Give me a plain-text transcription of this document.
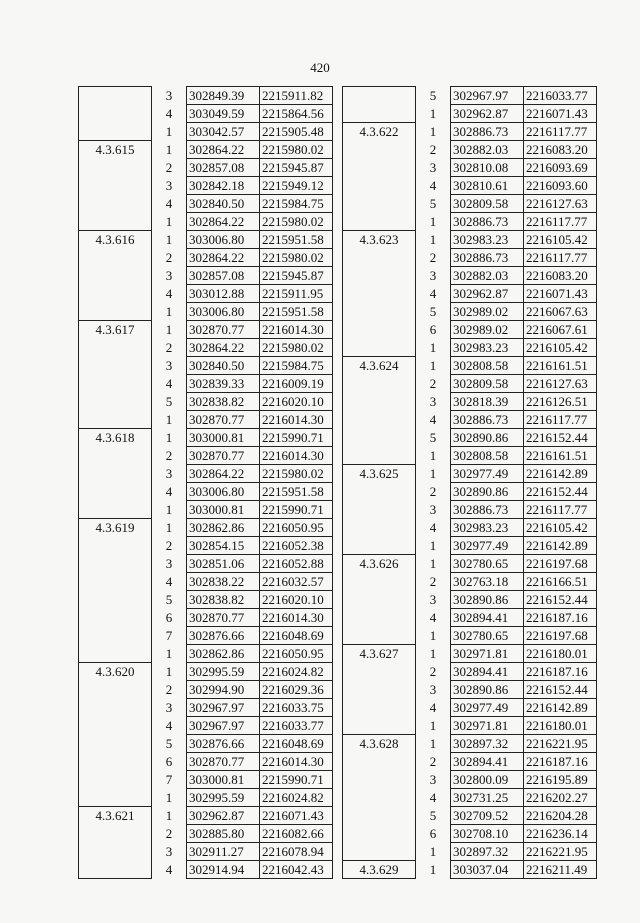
420
	3	302849.39	2215911.82
	4	303049.59	2215864.56
	1	303042.57	2215905.48
4.3.615	1	302864.22	2215980.02
	2	302857.08	2215945.87
	3	302842.18	2215949.12
	4	302840.50	2215984.75
	1	302864.22	2215980.02
4.3.616	1	303006.80	2215951.58
	2	302864.22	2215980.02
	3	302857.08	2215945.87
	4	303012.88	2215911.95
	1	303006.80	2215951.58
4.3.617	1	302870.77	2216014.30
	2	302864.22	2215980.02
	3	302840.50	2215984.75
	4	302839.33	2216009.19
	5	302838.82	2216020.10
	1	302870.77	2216014.30
4.3.618	1	303000.81	2215990.71
	2	302870.77	2216014.30
	3	302864.22	2215980.02
	4	303006.80	2215951.58
	1	303000.81	2215990.71
4.3.619	1	302862.86	2216050.95
	2	302854.15	2216052.38
	3	302851.06	2216052.88
	4	302838.22	2216032.57
	5	302838.82	2216020.10
	6	302870.77	2216014.30
	7	302876.66	2216048.69
	1	302862.86	2216050.95
4.3.620	1	302995.59	2216024.82
	2	302994.90	2216029.36
	3	302967.97	2216033.75
	4	302967.97	2216033.77
	5	302876.66	2216048.69
	6	302870.77	2216014.30
	7	303000.81	2215990.71
	1	302995.59	2216024.82
4.3.621	1	302962.87	2216071.43
	2	302885.80	2216082.66
	3	302911.27	2216078.94
	4	302914.94	2216042.43
	5	302967.97	2216033.77
	1	302962.87	2216071.43
4.3.622	1	302886.73	2216117.77
	2	302882.03	2216083.20
	3	302810.08	2216093.69
	4	302810.61	2216093.60
	5	302809.58	2216127.63
	1	302886.73	2216117.77
4.3.623	1	302983.23	2216105.42
	2	302886.73	2216117.77
	3	302882.03	2216083.20
	4	302962.87	2216071.43
	5	302989.02	2216067.63
	6	302989.02	2216067.61
	1	302983.23	2216105.42
4.3.624	1	302808.58	2216161.51
	2	302809.58	2216127.63
	3	302818.39	2216126.51
	4	302886.73	2216117.77
	5	302890.86	2216152.44
	1	302808.58	2216161.51
4.3.625	1	302977.49	2216142.89
	2	302890.86	2216152.44
	3	302886.73	2216117.77
	4	302983.23	2216105.42
	1	302977.49	2216142.89
4.3.626	1	302780.65	2216197.68
	2	302763.18	2216166.51
	3	302890.86	2216152.44
	4	302894.41	2216187.16
	1	302780.65	2216197.68
4.3.627	1	302971.81	2216180.01
	2	302894.41	2216187.16
	3	302890.86	2216152.44
	4	302977.49	2216142.89
	1	302971.81	2216180.01
4.3.628	1	302897.32	2216221.95
	2	302894.41	2216187.16
	3	302800.09	2216195.89
	4	302731.25	2216202.27
	5	302709.52	2216204.28
	6	302708.10	2216236.14
	1	302897.32	2216221.95
4.3.629	1	303037.04	2216211.49
